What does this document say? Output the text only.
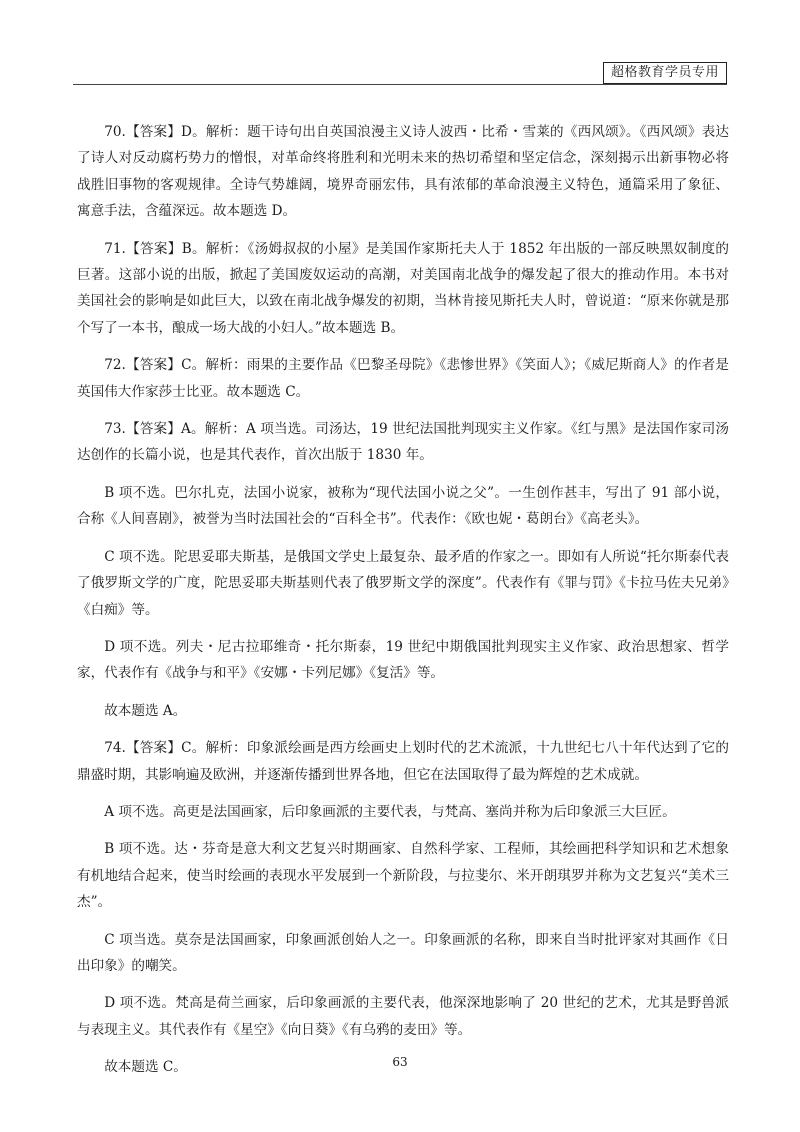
超格教育学员专用

70.【答案】D。解析：题干诗句出自英国浪漫主义诗人波西・比希・雪莱的《西风颂》。《西风颂》表达了诗人对反动腐朽势力的憎恨，对革命终将胜利和光明未来的热切希望和坚定信念，深刻揭示出新事物必将战胜旧事物的客观规律。全诗气势雄阔，境界奇丽宏伟，具有浓郁的革命浪漫主义特色，通篇采用了象征、寓意手法，含蕴深远。故本题选 D。

71.【答案】B。解析：《汤姆叔叔的小屋》是美国作家斯托夫人于 1852 年出版的一部反映黑奴制度的巨著。这部小说的出版，掀起了美国废奴运动的高潮，对美国南北战争的爆发起了很大的推动作用。本书对美国社会的影响是如此巨大，以致在南北战争爆发的初期，当林肯接见斯托夫人时，曾说道：“原来你就是那个写了一本书，酿成一场大战的小妇人。”故本题选 B。

72.【答案】C。解析：雨果的主要作品《巴黎圣母院》《悲惨世界》《笑面人》；《威尼斯商人》的作者是英国伟大作家莎士比亚。故本题选 C。

73.【答案】A。解析：A 项当选。司汤达，19 世纪法国批判现实主义作家。《红与黑》是法国作家司汤达创作的长篇小说，也是其代表作，首次出版于 1830 年。

B 项不选。巴尔扎克，法国小说家，被称为“现代法国小说之父”。一生创作甚丰，写出了 91 部小说，合称《人间喜剧》，被誉为当时法国社会的“百科全书”。代表作：《欧也妮・葛朗台》《高老头》。

C 项不选。陀思妥耶夫斯基，是俄国文学史上最复杂、最矛盾的作家之一。即如有人所说“托尔斯泰代表了俄罗斯文学的广度，陀思妥耶夫斯基则代表了俄罗斯文学的深度”。代表作有《罪与罚》《卡拉马佐夫兄弟》《白痴》等。

D 项不选。列夫・尼古拉耶维奇・托尔斯泰，19 世纪中期俄国批判现实主义作家、政治思想家、哲学家，代表作有《战争与和平》《安娜・卡列尼娜》《复活》等。

故本题选 A。

74.【答案】C。解析：印象派绘画是西方绘画史上划时代的艺术流派，十九世纪七八十年代达到了它的鼎盛时期，其影响遍及欧洲，并逐渐传播到世界各地，但它在法国取得了最为辉煌的艺术成就。

A 项不选。高更是法国画家，后印象画派的主要代表，与梵高、塞尚并称为后印象派三大巨匠。

B 项不选。达・芬奇是意大利文艺复兴时期画家、自然科学家、工程师，其绘画把科学知识和艺术想象有机地结合起来，使当时绘画的表现水平发展到一个新阶段，与拉斐尔、米开朗琪罗并称为文艺复兴“美术三杰”。

C 项当选。莫奈是法国画家，印象画派创始人之一。印象画派的名称，即来自当时批评家对其画作《日出印象》的嘲笑。

D 项不选。梵高是荷兰画家，后印象画派的主要代表，他深深地影响了 20 世纪的艺术，尤其是野兽派与表现主义。其代表作有《星空》《向日葵》《有乌鸦的麦田》等。

故本题选 C。	63
